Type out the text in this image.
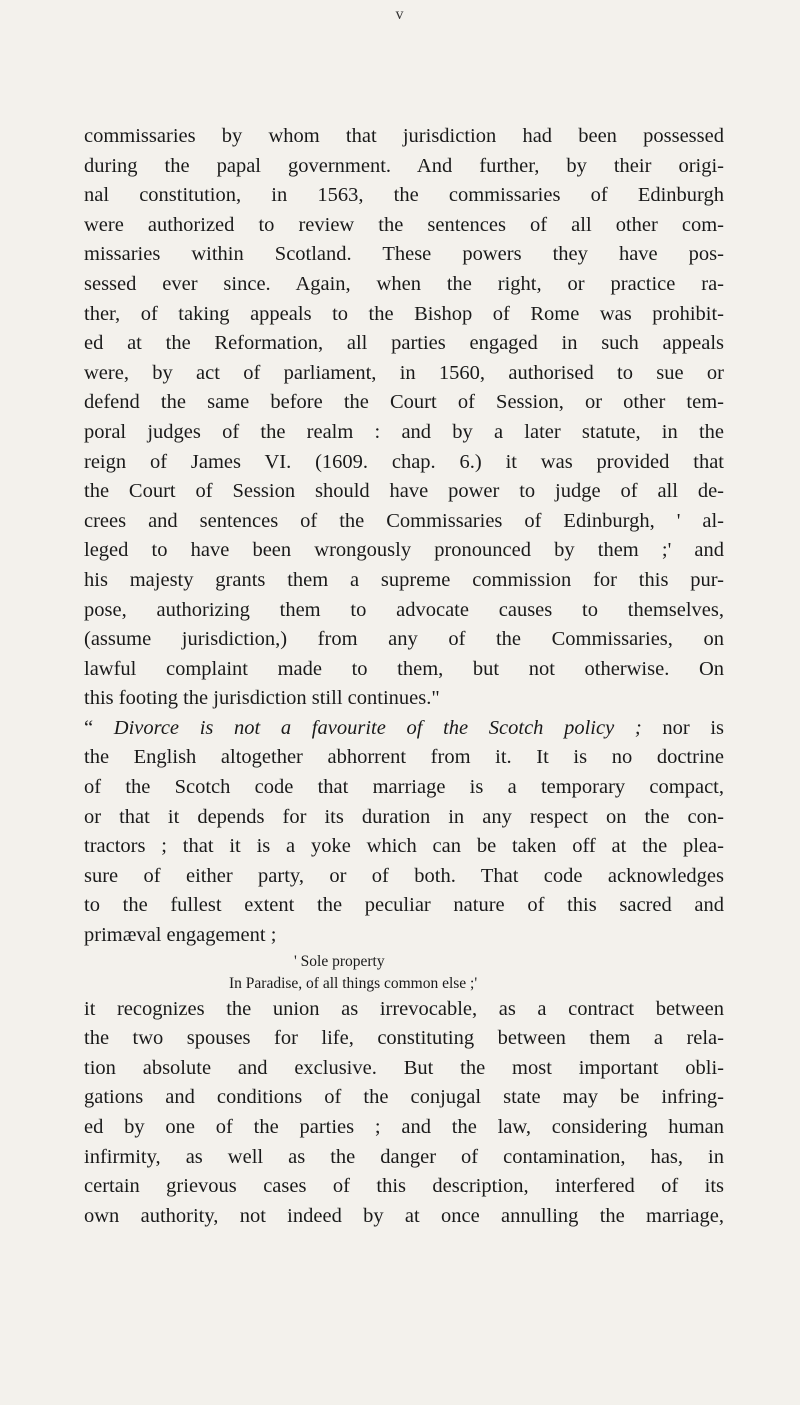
v
commissaries by whom that jurisdiction had been possessed
during the papal government. And further, by their origi-
nal constitution, in 1563, the commissaries of Edinburgh
were authorized to review the sentences of all other com-
missaries within Scotland. These powers they have pos-
sessed ever since. Again, when the right, or practice ra-
ther, of taking appeals to the Bishop of Rome was prohibit-
ed at the Reformation, all parties engaged in such appeals
were, by act of parliament, in 1560, authorised to sue or
defend the same before the Court of Session, or other tem-
poral judges of the realm : and by a later statute, in the
reign of James VI. (1609. chap. 6.) it was provided that
the Court of Session should have power to judge of all de-
crees and sentences of the Commissaries of Edinburgh, ' al-
leged to have been wrongously pronounced by them ;' and
his majesty grants them a supreme commission for this pur-
pose, authorizing them to advocate causes to themselves,
(assume jurisdiction,) from any of the Commissaries, on
lawful complaint made to them, but not otherwise. On
this footing the jurisdiction still continues."
“ Divorce is not a favourite of the Scotch policy ; nor is
the English altogether abhorrent from it. It is no doctrine
of the Scotch code that marriage is a temporary compact,
or that it depends for its duration in any respect on the con-
tractors ; that it is a yoke which can be taken off at the plea-
sure of either party, or of both. That code acknowledges
to the fullest extent the peculiar nature of this sacred and
primæval engagement ;
' Sole property
In Paradise, of all things common else ;'
it recognizes the union as irrevocable, as a contract between
the two spouses for life, constituting between them a rela-
tion absolute and exclusive. But the most important obli-
gations and conditions of the conjugal state may be infring-
ed by one of the parties ; and the law, considering human
infirmity, as well as the danger of contamination, has, in
certain grievous cases of this description, interfered of its
own authority, not indeed by at once annulling the marriage,
